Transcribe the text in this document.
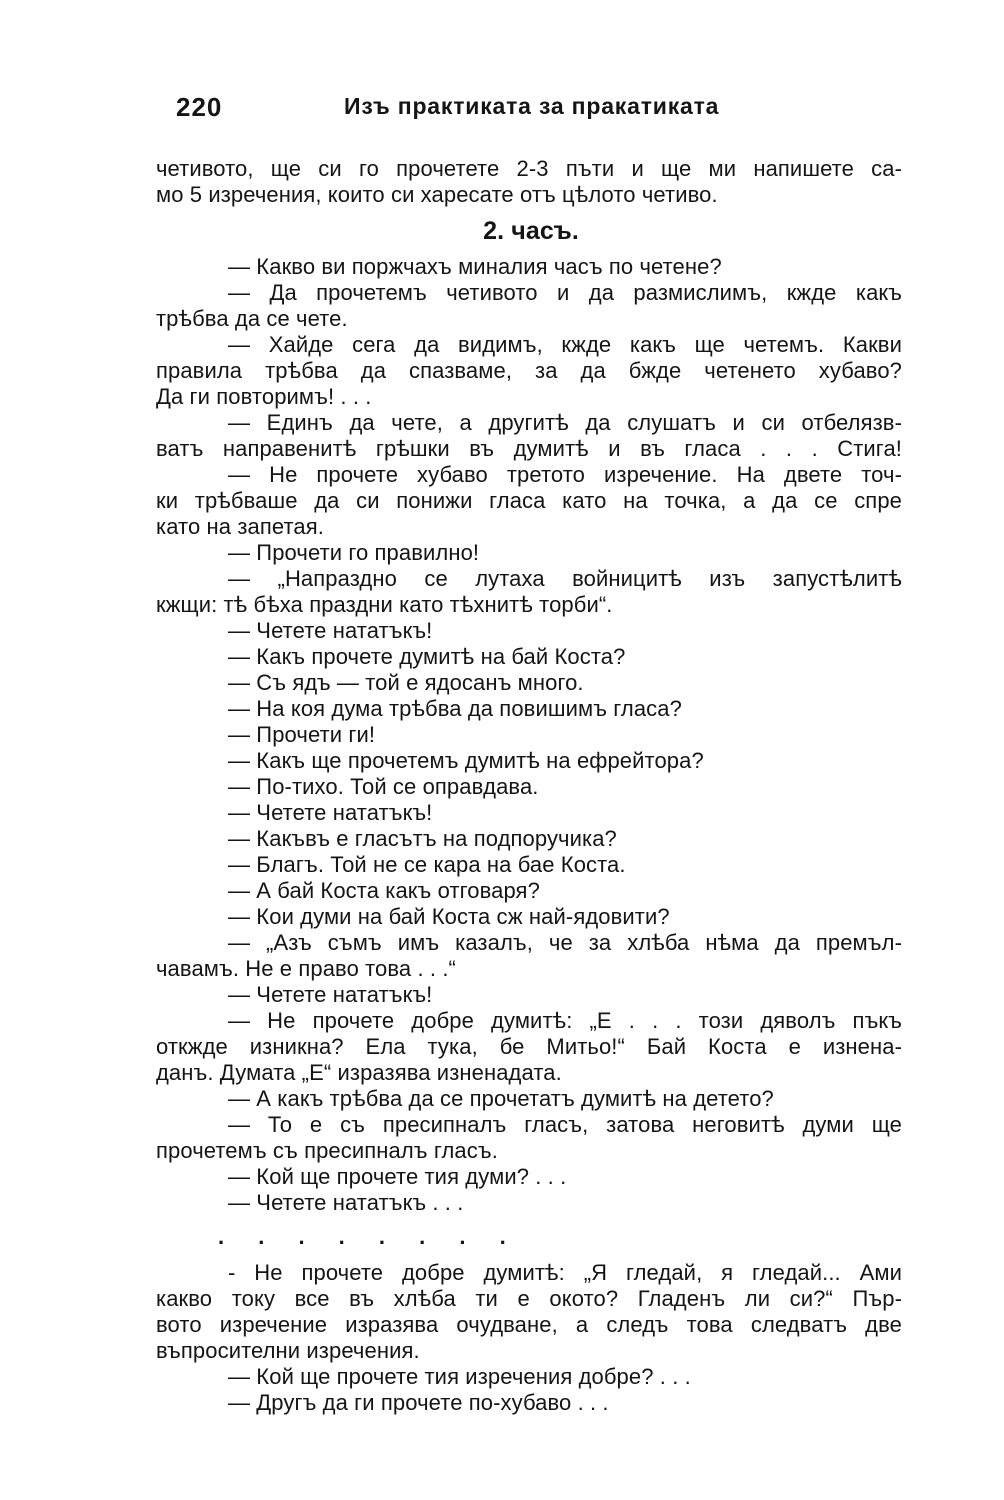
220	Изъ практиката за пракатиката
четивото, ще си го прочетете 2-3 пъти и ще ми напишете са-
мо 5 изречения, които си харесате отъ цѣлото четиво.
2. часъ.
— Какво ви поржчахъ миналия часъ по четене?
— Да прочетемъ четивото и да размислимъ, кжде какъ
трѣбва да се чете.
— Хайде сега да видимъ, кжде какъ ще четемъ. Какви
правила трѣбва да спазваме, за да бжде четенето хубаво?
Да ги повторимъ! . . .
— Единъ да чете, а другитѣ да слушатъ и си отбелязв-
ватъ направенитѣ грѣшки въ думитѣ и въ гласа . . . Стига!
— Не прочете хубаво третото изречение. На двете точ-
ки трѣбваше да си понижи гласа като на точка, а да се спре
като на запетая.
— Прочети го правилно!
— „Напраздно се лутаха войницитѣ изъ запустѣлитѣ
кжщи: тѣ бѣха праздни като тѣхнитѣ торби“.
— Четете нататъкъ!
— Какъ прочете думитѣ на бай Коста?
— Съ ядъ — той е ядосанъ много.
— На коя дума трѣбва да повишимъ гласа?
— Прочети ги!
— Какъ ще прочетемъ думитѣ на ефрейтора?
— По-тихо. Той се оправдава.
— Четете нататъкъ!
— Какъвъ е гласътъ на подпоручика?
— Благъ. Той не се кара на бае Коста.
— А бай Коста какъ отговаря?
— Кои думи на бай Коста сж най-ядовити?
— „Азъ съмъ имъ казалъ, че за хлѣба нѣма да премъл-
чавамъ. Не е право това . . .“
— Четете нататъкъ!
— Не прочете добре думитѣ: „Е . . . този дяволъ пъкъ
откжде изникна? Ела тука, бе Митьо!“ Бай Коста е изненa-
данъ. Думата „Е“ изразява изненадата.
— А какъ трѣбва да се прочетатъ думитѣ на детето?
— То е съ пресипналъ гласъ, затова неговитѣ думи ще
прочетемъ съ пресипналъ гласъ.
— Кой ще прочете тия думи? . . .
— Четете нататъкъ . . .
. . . . . . . .
- Не прочете добре думитѣ: „Я гледай, я гледай... Ами
какво току все въ хлѣба ти е окото? Гладенъ ли си?“ Пър-
вото изречение изразява очудване, а следъ това следватъ две
въпросителни изречения.
— Кой ще прочете тия изречения добре? . . .
— Другъ да ги прочете по-хубаво . . .
